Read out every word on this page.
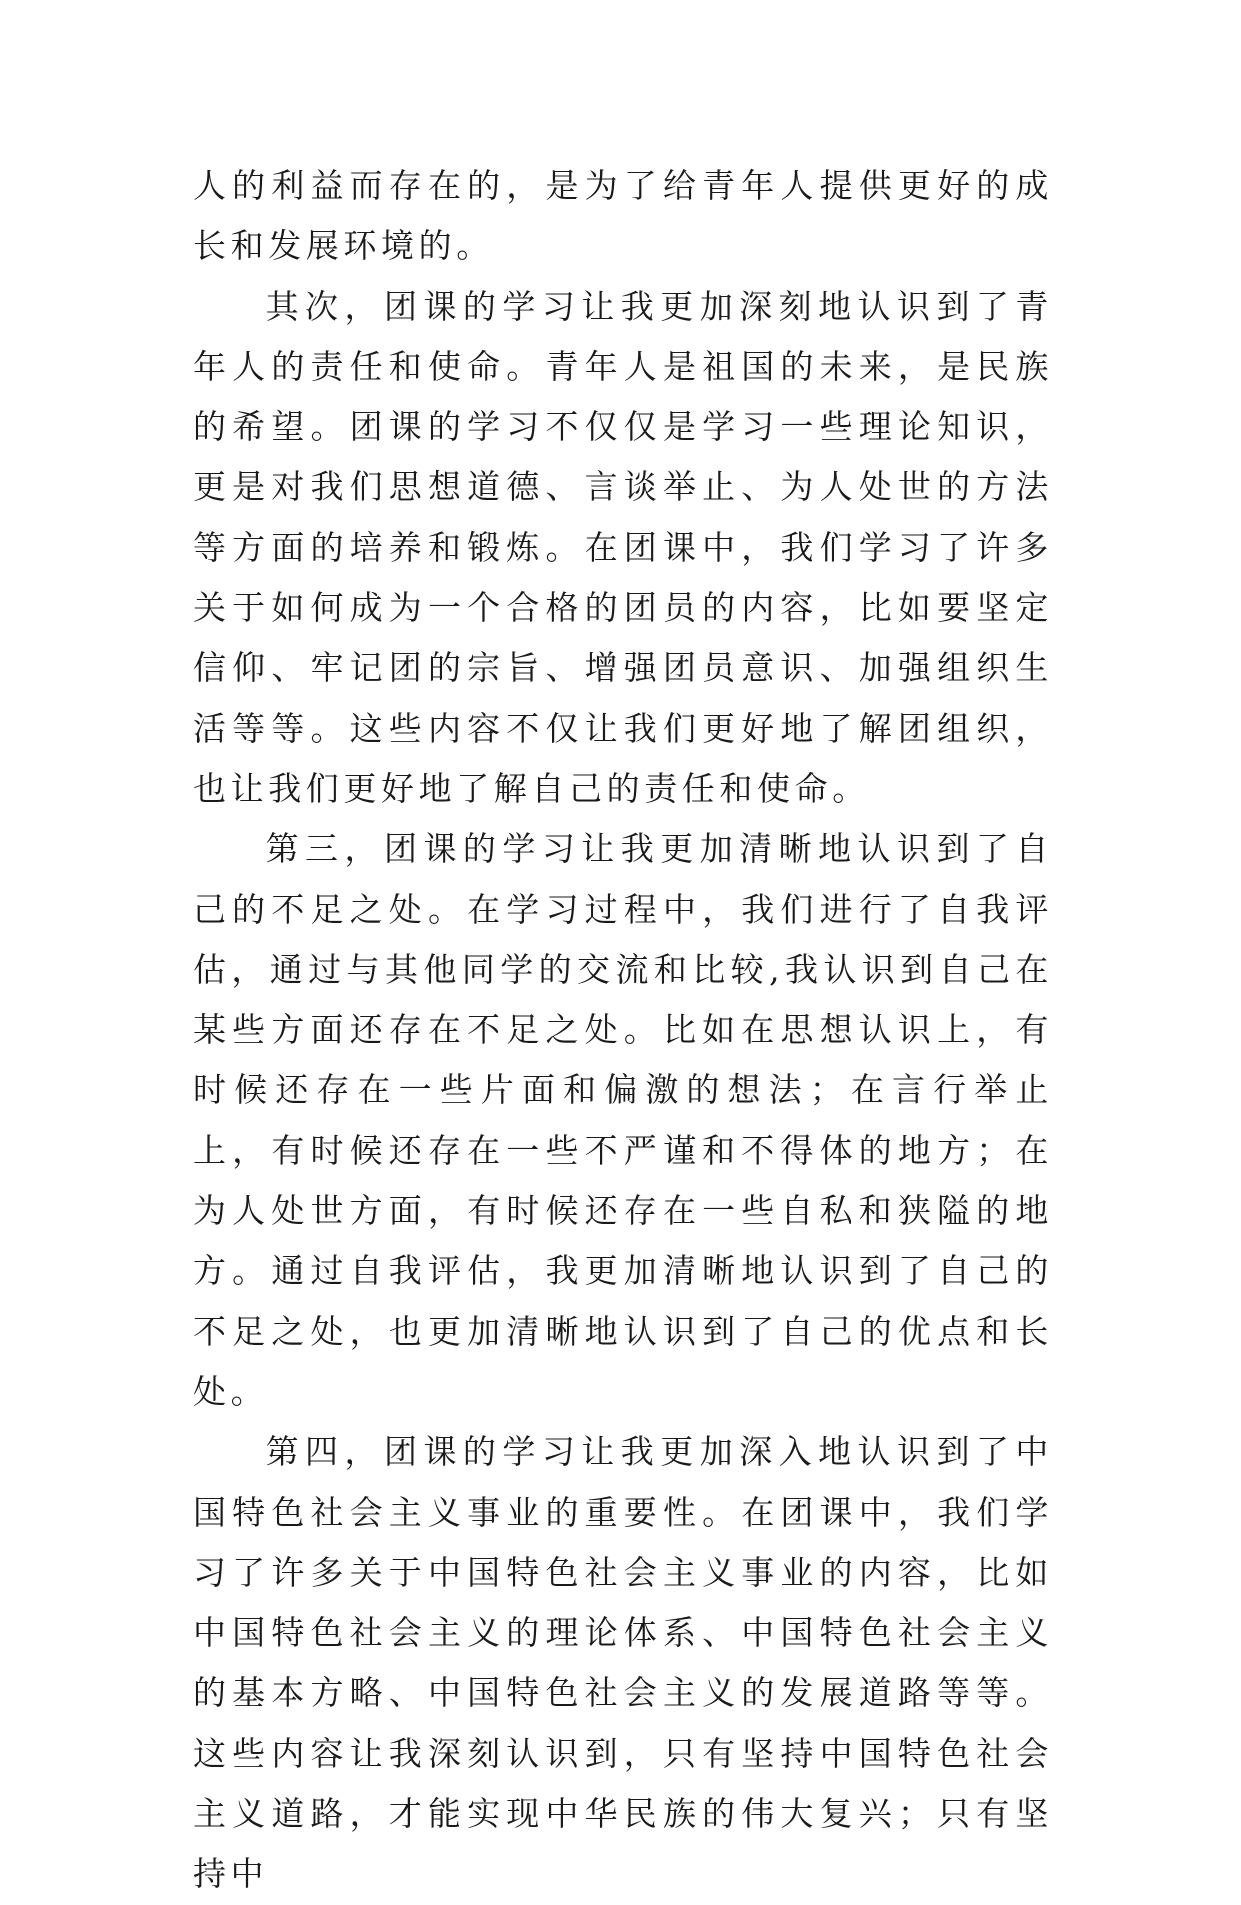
人的利益而存在的，是为了给青年人提供更好的成长和发展环境的。

其次，团课的学习让我更加深刻地认识到了青年人的责任和使命。青年人是祖国的未来，是民族的希望。团课的学习不仅仅是学习一些理论知识，更是对我们思想道德、言谈举止、为人处世的方法等方面的培养和锻炼。在团课中，我们学习了许多关于如何成为一个合格的团员的内容，比如要坚定信仰、牢记团的宗旨、增强团员意识、加强组织生活等等。这些内容不仅让我们更好地了解团组织，也让我们更好地了解自己的责任和使命。

第三，团课的学习让我更加清晰地认识到了自己的不足之处。在学习过程中，我们进行了自我评估，通过与其他同学的交流和比较,我认识到自己在某些方面还存在不足之处。比如在思想认识上，有时候还存在一些片面和偏激的想法；在言行举止上，有时候还存在一些不严谨和不得体的地方；在为人处世方面，有时候还存在一些自私和狭隘的地方。通过自我评估，我更加清晰地认识到了自己的不足之处，也更加清晰地认识到了自己的优点和长处。

第四，团课的学习让我更加深入地认识到了中国特色社会主义事业的重要性。在团课中，我们学习了许多关于中国特色社会主义事业的内容，比如中国特色社会主义的理论体系、中国特色社会主义的基本方略、中国特色社会主义的发展道路等等。这些内容让我深刻认识到，只有坚持中国特色社会主义道路，才能实现中华民族的伟大复兴；只有坚持中
